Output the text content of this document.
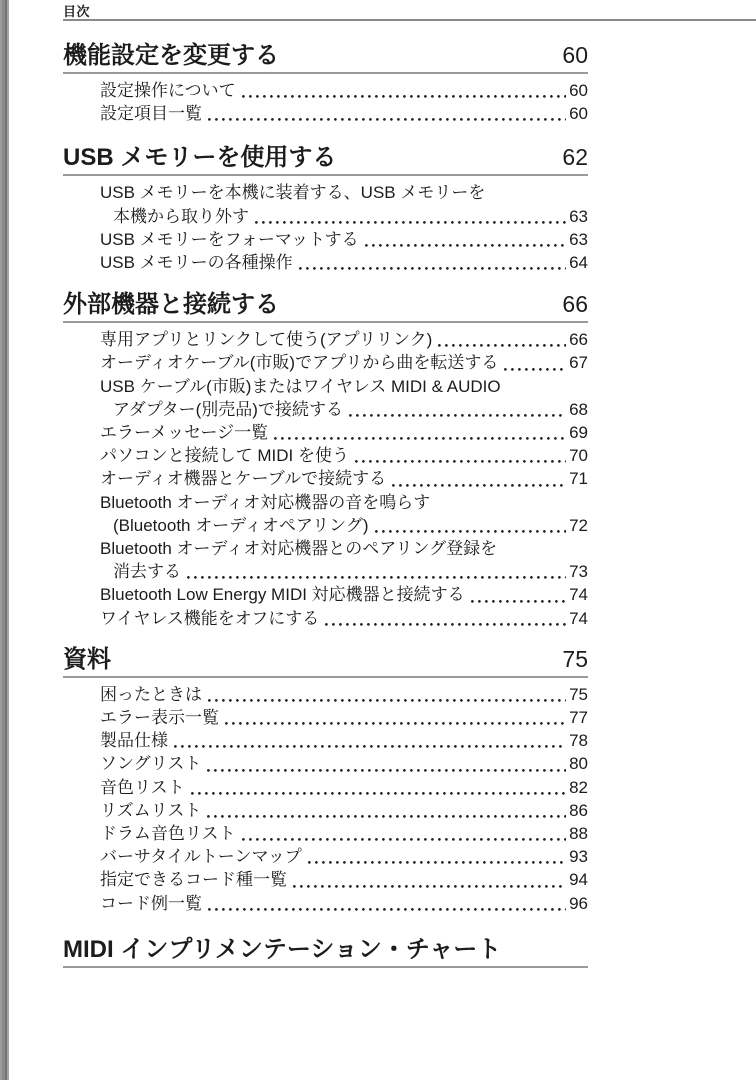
目次
機能設定を変更する	60
設定操作について	60
設定項目一覧	60
USB メモリーを使用する	62
USB メモリーを本機に装着する、USB メモリーを
本機から取り外す	63
USB メモリーをフォーマットする	63
USB メモリーの各種操作	64
外部機器と接続する	66
専用アプリとリンクして使う(アプリリンク)	66
オーディオケーブル(市販)でアプリから曲を転送する	67
USB ケーブル(市販)またはワイヤレス MIDI & AUDIO
アダプター(別売品)で接続する	68
エラーメッセージ一覧	69
パソコンと接続して MIDI を使う	70
オーディオ機器とケーブルで接続する	71
Bluetooth オーディオ対応機器の音を鳴らす
(Bluetooth オーディオペアリング)	72
Bluetooth オーディオ対応機器とのペアリング登録を
消去する	73
Bluetooth Low Energy MIDI 対応機器と接続する	74
ワイヤレス機能をオフにする	74
資料	75
困ったときは	75
エラー表示一覧	77
製品仕様	78
ソングリスト	80
音色リスト	82
リズムリスト	86
ドラム音色リスト	88
バーサタイルトーンマップ	93
指定できるコード種一覧	94
コード例一覧	96
MIDI インプリメンテーション・チャート
